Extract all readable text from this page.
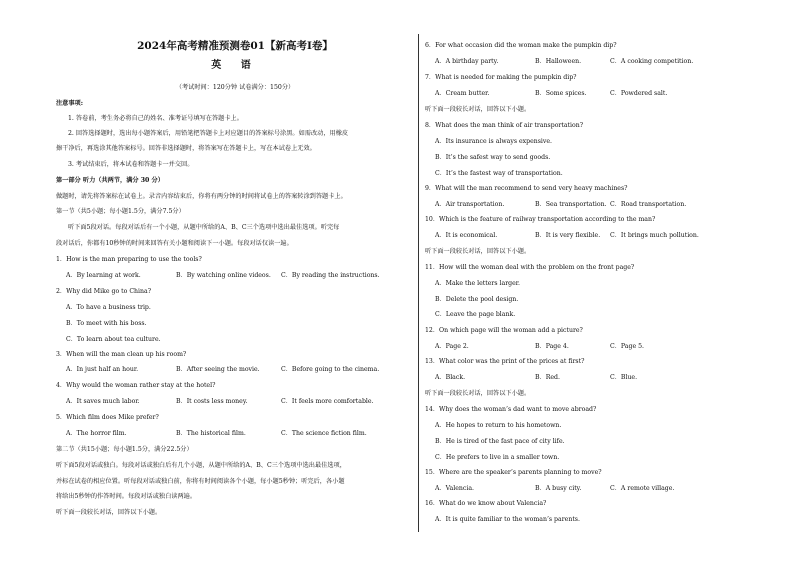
2024年高考精准预测卷01【新高考I卷】
英 语
（考试时间：120分钟 试卷满分：150分）
注意事项:
1. 答卷前，考生务必将自己的姓名、准考证号填写在答题卡上。
2. 回答选择题时，选出每小题答案后，用铅笔把答题卡上对应题目的答案标号涂黑。如需改动，用橡皮
擦干净后，再选涂其他答案标号。回答非选择题时，将答案写在答题卡上，写在本试卷上无效。
3. 考试结束后，将本试卷和答题卡一并交回。
第一部分 听力（共两节，满分 30 分）
做题时，请先将答案标在试卷上。录音内容结束后，你将有两分钟的时间将试卷上的答案转涂到答题卡上。
第一节（共5小题；每小题1.5分，满分7.5分）
听下面5段对话。每段对话后有一个小题，从题中所给的A、B、C三个选项中选出最佳选项。听完每
段对话后，你都有10秒钟的时间来回答有关小题和阅读下一小题。每段对话仅读一遍。
1．How is the man preparing to use the tools?
A．By learning at work.	B．By watching online videos. C．By reading the instructions.
2．Why did Mike go to China?
A．To have a business trip.
B．To meet with his boss.
C．To learn about tea culture.
3．When will the man clean up his room?
A．In just half an hour.	B．After seeing the movie.	C．Before going to the cinema.
4．Why would the woman rather stay at the hotel?
A．It saves much labor.	B．It costs less money.	C．It feels more comfortable.
5．Which film does Mike prefer?
A．The horror film.	B．The historical film.	C．The science fiction film.
第二节（共15小题；每小题1.5分，满分22.5分）
听下面5段对话或独白。每段对话或独白后有几个小题，从题中所给的A、B、C三个选项中选出最佳选项，
并标在试卷的相应位置。听每段对话或独白前，你将有时间阅读各个小题，每小题5秒钟；听完后，各小题
将给出5秒钟的作答时间。每段对话或独白读两遍。
听下面一段较长对话，回答以下小题。
6．For what occasion did the woman make the pumpkin dip?
A．A birthday party.	B．Halloween.	C．A cooking competition.
7．What is needed for making the pumpkin dip?
A．Cream butter.	B．Some spices.	C．Powdered salt.
听下面一段较长对话，回答以下小题。
8．What does the man think of air transportation?
A．Its insurance is always expensive.
B．It’s the safest way to send goods.
C．It’s the fastest way of transportation.
9．What will the man recommend to send very heavy machines?
A．Air transportation.	B．Sea transportation. C．Road transportation.
10．Which is the feature of railway transportation according to the man?
A．It is economical.	B．It is very flexible. C．It brings much pollution.
听下面一段较长对话，回答以下小题。
11．How will the woman deal with the problem on the front page?
A．Make the letters larger.
B．Delete the pool design.
C．Leave the page blank.
12．On which page will the woman add a picture?
A．Page 2.	B．Page 4.	C．Page 5.
13．What color was the print of the prices at first?
A．Black.	B．Red.	C．Blue.
听下面一段较长对话，回答以下小题。
14．Why does the woman’s dad want to move abroad?
A．He hopes to return to his hometown.
B．He is tired of the fast pace of city life.
C．He prefers to live in a smaller town.
15．Where are the speaker’s parents planning to move?
A．Valencia.	B．A busy city.	C．A remote village.
16．What do we know about Valencia?
A．It is quite familiar to the woman’s parents.
